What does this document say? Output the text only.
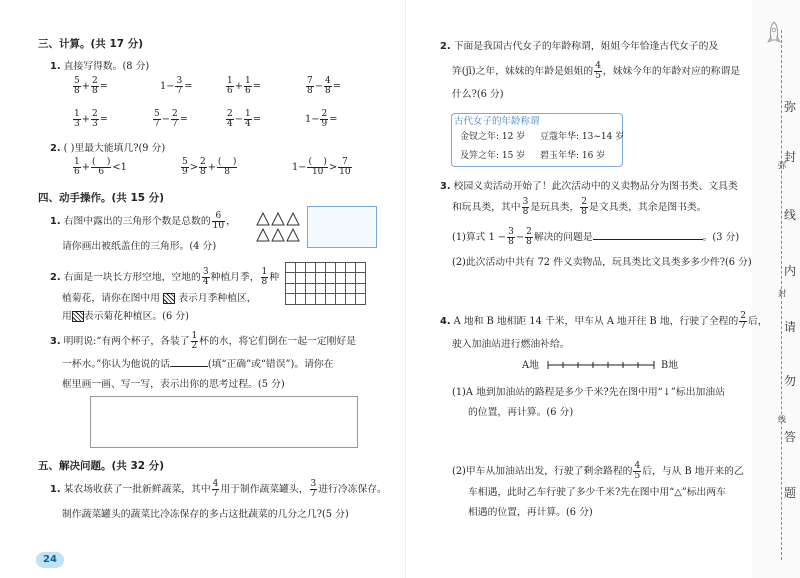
三、计算。(共 17 分)
1. 直接写得数。(8 分)
$\frac{5}{8} + \frac{2}{8}$ =	$1- \frac{3}{7}$ =	$\frac{1}{6} + \frac{1}{6}$ =	$\frac{7}{8} - \frac{4}{8}$ =
$\frac{1}{3} + \frac{2}{3}$ =	$\frac{5}{7} - \frac{2}{7}$ =	$\frac{2}{4} - \frac{1}{4}$ =	$1- \frac{2}{9}$ =
2. ( )里最大能填几?(9 分)
$\frac{1}{6} + \frac{( )}{6} <1$	$\frac{5}{9} > \frac{2}{8} + \frac{( )}{8}$	$1- \frac{( )}{10} > \frac{7}{10}$
四、动手操作。(共 15 分)
1. 右图中露出的三角形个数是总数的 $\frac{6}{10}$ ，
请你画出被纸盖住的三角形。(4 分)
2. 右面是一块长方形空地，空地的 $\frac{3}{4}$ 种植月季， $\frac{1}{8}$ 种
植菊花，请你在图中用 表示月季种植区，
用 表示菊花种植区。(6 分)
3. 明明说:“有两个杯子，各装了 $\frac{1}{2}$ 杯的水，将它们倒在一起一定刚好是
一杯水。”你认为他说的话	(填“正确”或“错误”)。请你在
框里画一画、写一写，表示出你的思考过程。(5 分)
五、解决问题。(共 32 分)
1. 某农场收获了一批新鲜蔬菜，其中 $\frac{4}{7}$ 用于制作蔬菜罐头， $\frac{3}{7}$ 进行冷冻保存。
制作蔬菜罐头的蔬菜比冷冻保存的多占这批蔬菜的几分之几?(5 分)
24
2. 下面是我国古代女子的年龄称谓，姐姐今年恰逢古代女子的及
笄(jī)之年，妹妹的年龄是姐姐的 $\frac{4}{5}$ ，妹妹今年的年龄对应的称谓是
什么?(6 分)
古代女子的年龄称谓
金钗之年: 12 岁 豆蔻年华: 13~14 岁
及笄之年: 15 岁 碧玉年华: 16 岁
3. 校园义卖活动开始了！此次活动中的义卖物品分为图书类、文具类
和玩具类，其中 $\frac{3}{8}$ 是玩具类， $\frac{2}{8}$ 是文具类，其余是图书类。
(1)算式 $1 - \frac{3}{8} - \frac{2}{8}$ 解决的问题是	。(3 分)
(2)此次活动中共有 72 件义卖物品，玩具类比文具类多多少件?(6 分)
4. A 地和 B 地相距 14 千米，甲车从 A 地开往 B 地，行驶了全程的 $\frac{2}{7}$ 后，
驶入加油站进行燃油补给。
A地	B地
(1)A 地到加油站的路程是多少千米?先在图中用“↓”标出加油站
的位置，再计算。(6 分)
(2)甲车从加油站出发，行驶了剩余路程的 $\frac{4}{5}$ 后，与从 B 地开来的乙
车相遇，此时乙车行驶了多少千米?先在图中用“△”标出两车
相遇的位置，再计算。(6 分)
弥
封
线
内
请
勿
答
题
弥
封
线
